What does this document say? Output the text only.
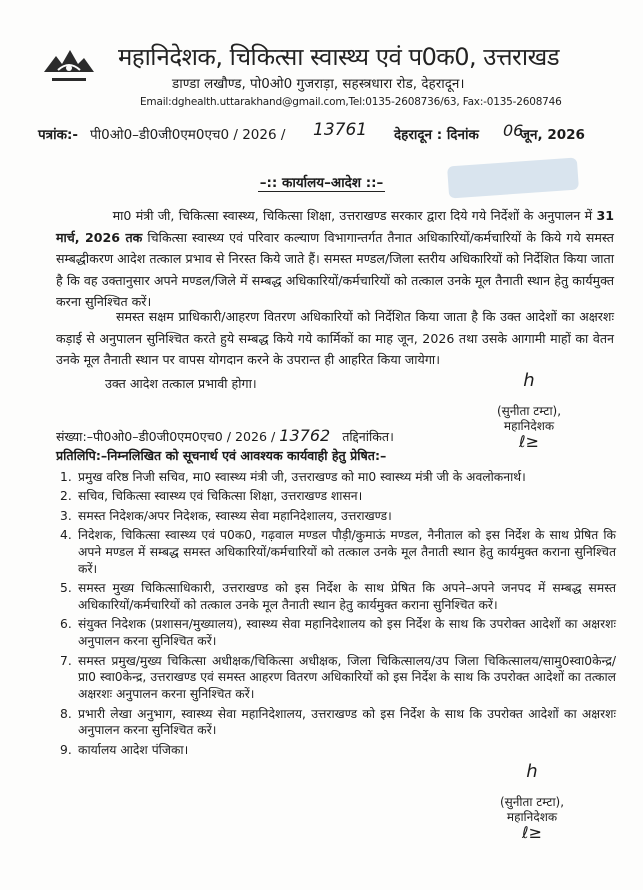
महानिदेशक, चिकित्सा स्वास्थ्य एवं प0क0, उत्तराखड
डाण्डा लखौण्ड, पो0ओ0 गुजराड़ा, सहस्त्रधारा रोड, देहरादून।
Email:dghealth.uttarakhand@gmail.com,Tel:0135-2608736/63, Fax:-0135-2608746
पत्रांक:- पी0ओ0–डी0जी0एम0एच0 / 2026 / 13761 देहरादून : दिनांक 06
जून, 2026
–:: कार्यालय–आदेश ::–
मा0 मंत्री जी, चिकित्सा स्वास्थ्य, चिकित्सा शिक्षा, उत्तराखण्ड सरकार द्वारा दिये गये निर्देशों के अनुपालन में 31 मार्च, 2026 तक चिकित्सा स्वास्थ्य एवं परिवार कल्याण विभागान्तर्गत तैनात अधिकारियों/कर्मचारियों के किये गये समस्त सम्बद्धीकरण आदेश तत्काल प्रभाव से निरस्त किये जाते हैं। समस्त मण्डल/जिला स्तरीय अधिकारियों को निर्देशित किया जाता है कि वह उक्तानुसार अपने मण्डल/जिले में सम्बद्ध अधिकारियों/कर्मचारियों को तत्काल उनके मूल तैनाती स्थान हेतु कार्यमुक्त करना सुनिश्चित करें।
समस्त सक्षम प्राधिकारी/आहरण वितरण अधिकारियों को निर्देशित किया जाता है कि उक्त आदेशों का अक्षरशः कड़ाई से अनुपालन सुनिश्चित करते हुये सम्बद्ध किये गये कार्मिकों का माह जून, 2026 तथा उसके आगामी माहों का वेतन उनके मूल तैनाती स्थान पर वापस योगदान करने के उपरान्त ही आहरित किया जायेगा।
उक्त आदेश तत्काल प्रभावी होगा।	h
(सुनीता टम्टा),
महानिदेशक
ℓ≥
संख्या:–पी0ओ0–डी0जी0एम0एच0 / 2026 / 13762 तद्दिनांकित।
प्रतिलिपि:–निम्नलिखित को सूचनार्थ एवं आवश्यक कार्यवाही हेतु प्रेषित:–
1. प्रमुख वरिष्ठ निजी सचिव, मा0 स्वास्थ्य मंत्री जी, उत्तराखण्ड को मा0 स्वास्थ्य मंत्री जी के अवलोकनार्थ।
2. सचिव, चिकित्सा स्वास्थ्य एवं चिकित्सा शिक्षा, उत्तराखण्ड शासन।
3. समस्त निदेशक/अपर निदेशक, स्वास्थ्य सेवा महानिदेशालय, उत्तराखण्ड।
4. निदेशक, चिकित्सा स्वास्थ्य एवं प0क0, गढ़वाल मण्डल पौड़ी/कुमाऊं मण्डल, नैनीताल को इस निर्देश के साथ प्रेषित कि अपने मण्डल में सम्बद्ध समस्त अधिकारियों/कर्मचारियों को तत्काल उनके मूल तैनाती स्थान हेतु कार्यमुक्त कराना सुनिश्चित करें।
5. समस्त मुख्य चिकित्साधिकारी, उत्तराखण्ड को इस निर्देश के साथ प्रेषित कि अपने–अपने जनपद में सम्बद्ध समस्त अधिकारियों/कर्मचारियों को तत्काल उनके मूल तैनाती स्थान हेतु कार्यमुक्त कराना सुनिश्चित करें।
6. संयुक्त निदेशक (प्रशासन/मुख्यालय), स्वास्थ्य सेवा महानिदेशालय को इस निर्देश के साथ कि उपरोक्त आदेशों का अक्षरशः अनुपालन करना सुनिश्चित करें।
7. समस्त प्रमुख/मुख्य चिकित्सा अधीक्षक/चिकित्सा अधीक्षक, जिला चिकित्सालय/उप जिला चिकित्सालय/सामु0स्वा0केन्द्र/प्रा0 स्वा0केन्द्र, उत्तराखण्ड एवं समस्त आहरण वितरण अधिकारियों को इस निर्देश के साथ कि उपरोक्त आदेशों का तत्काल अक्षरशः अनुपालन करना सुनिश्चित करें।
8. प्रभारी लेखा अनुभाग, स्वास्थ्य सेवा महानिदेशालय, उत्तराखण्ड को इस निर्देश के साथ कि उपरोक्त आदेशों का अक्षरशः अनुपालन करना सुनिश्चित करें।
9. कार्यालय आदेश पंजिका।
h
(सुनीता टम्टा),
महानिदेशक
ℓ≥
